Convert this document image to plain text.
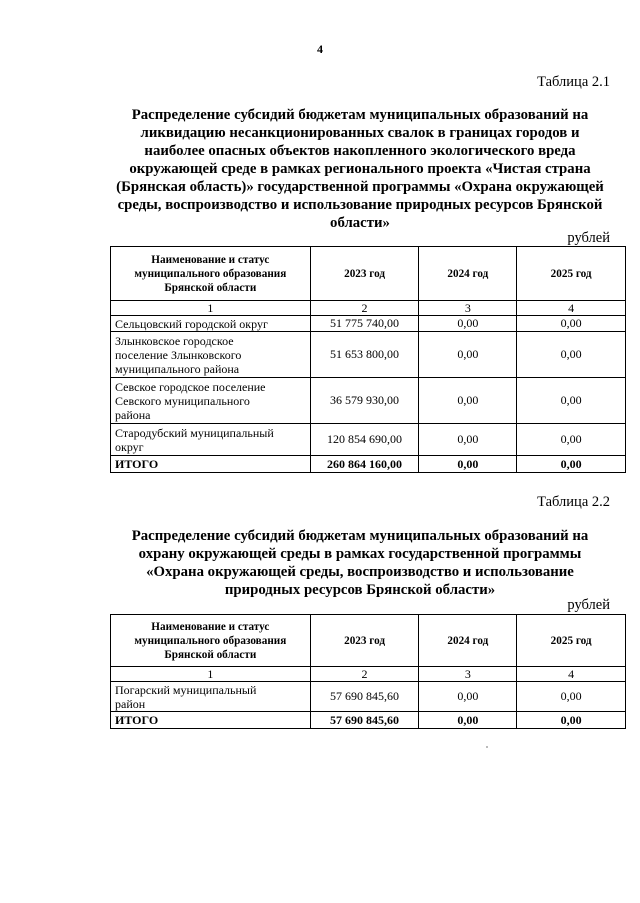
4
Таблица 2.1
Распределение субсидий бюджетам муниципальных образований на
ликвидацию несанкционированных свалок в границах городов и
наиболее опасных объектов накопленного экологического вреда
окружающей среде в рамках регионального проекта «Чистая страна
(Брянская область)» государственной программы «Охрана окружающей
среды, воспроизводство и использование природных ресурсов Брянской
области»
рублей
Наименование и статус
муниципального образования
Брянской области	2023 год	2024 год	2025 год
1	2	3	4

Сельцовский городской округ	51 775 740,00	0,00	0,00

Злынковское городское
поселение Злынковского
муниципального района	51 653 800,00	0,00	0,00

Севское городское поселение
Севского муниципального
района	36 579 930,00	0,00	0,00

Стародубский муниципальный
округ	120 854 690,00	0,00	0,00
ИТОГО	260 864 160,00	0,00	0,00
Таблица 2.2
Распределение субсидий бюджетам муниципальных образований на
охрану окружающей среды в рамках государственной программы
«Охрана окружающей среды, воспроизводство и использование
природных ресурсов Брянской области»
рублей
Наименование и статус
муниципального образования
Брянской области	2023 год	2024 год	2025 год
1	2	3	4

Погарский муниципальный
район	57 690 845,60	0,00	0,00
ИТОГО	57 690 845,60	0,00	0,00
